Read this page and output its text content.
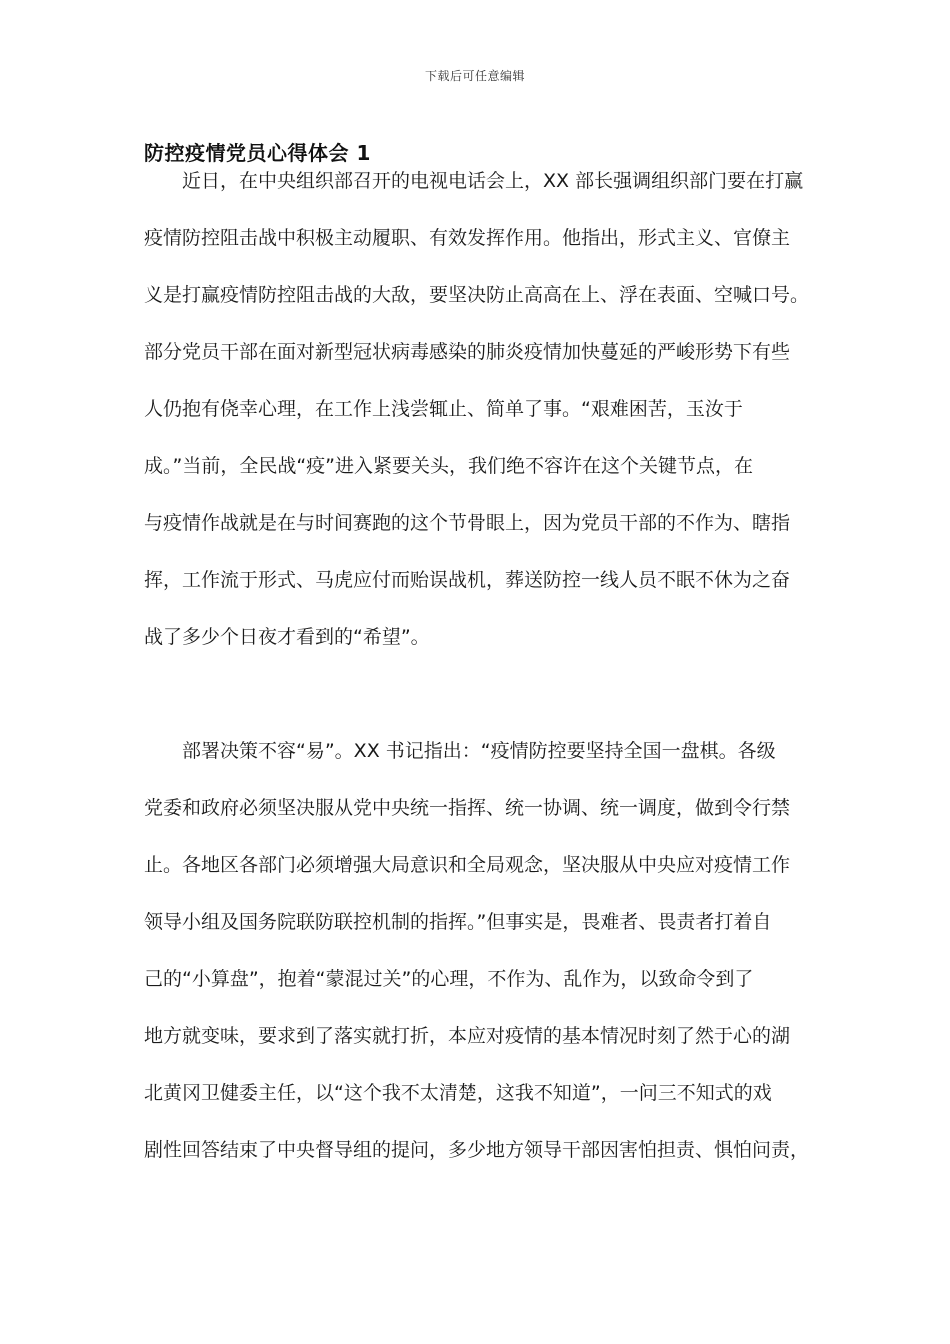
下载后可任意编辑
防控疫情党员心得体会 1
近日，在中央组织部召开的电视电话会上，XX 部长强调组织部门要在打赢
疫情防控阻击战中积极主动履职、有效发挥作用。他指出，形式主义、官僚主
义是打赢疫情防控阻击战的大敌，要坚决防止高高在上、浮在表面、空喊口号。
部分党员干部在面对新型冠状病毒感染的肺炎疫情加快蔓延的严峻形势下有些
人仍抱有侥幸心理，在工作上浅尝辄止、简单了事。“艰难困苦，玉汝于
成。”当前，全民战“疫”进入紧要关头，我们绝不容许在这个关键节点，在
与疫情作战就是在与时间赛跑的这个节骨眼上，因为党员干部的不作为、瞎指
挥，工作流于形式、马虎应付而贻误战机，葬送防控一线人员不眠不休为之奋
战了多少个日夜才看到的“希望”。
部署决策不容“易”。XX 书记指出：“疫情防控要坚持全国一盘棋。各级
党委和政府必须坚决服从党中央统一指挥、统一协调、统一调度，做到令行禁
止。各地区各部门必须增强大局意识和全局观念，坚决服从中央应对疫情工作
领导小组及国务院联防联控机制的指挥。”但事实是，畏难者、畏责者打着自
己的“小算盘”，抱着“蒙混过关”的心理，不作为、乱作为，以致命令到了
地方就变味，要求到了落实就打折，本应对疫情的基本情况时刻了然于心的湖
北黄冈卫健委主任，以“这个我不太清楚，这我不知道”，一问三不知式的戏
剧性回答结束了中央督导组的提问，多少地方领导干部因害怕担责、惧怕问责，
